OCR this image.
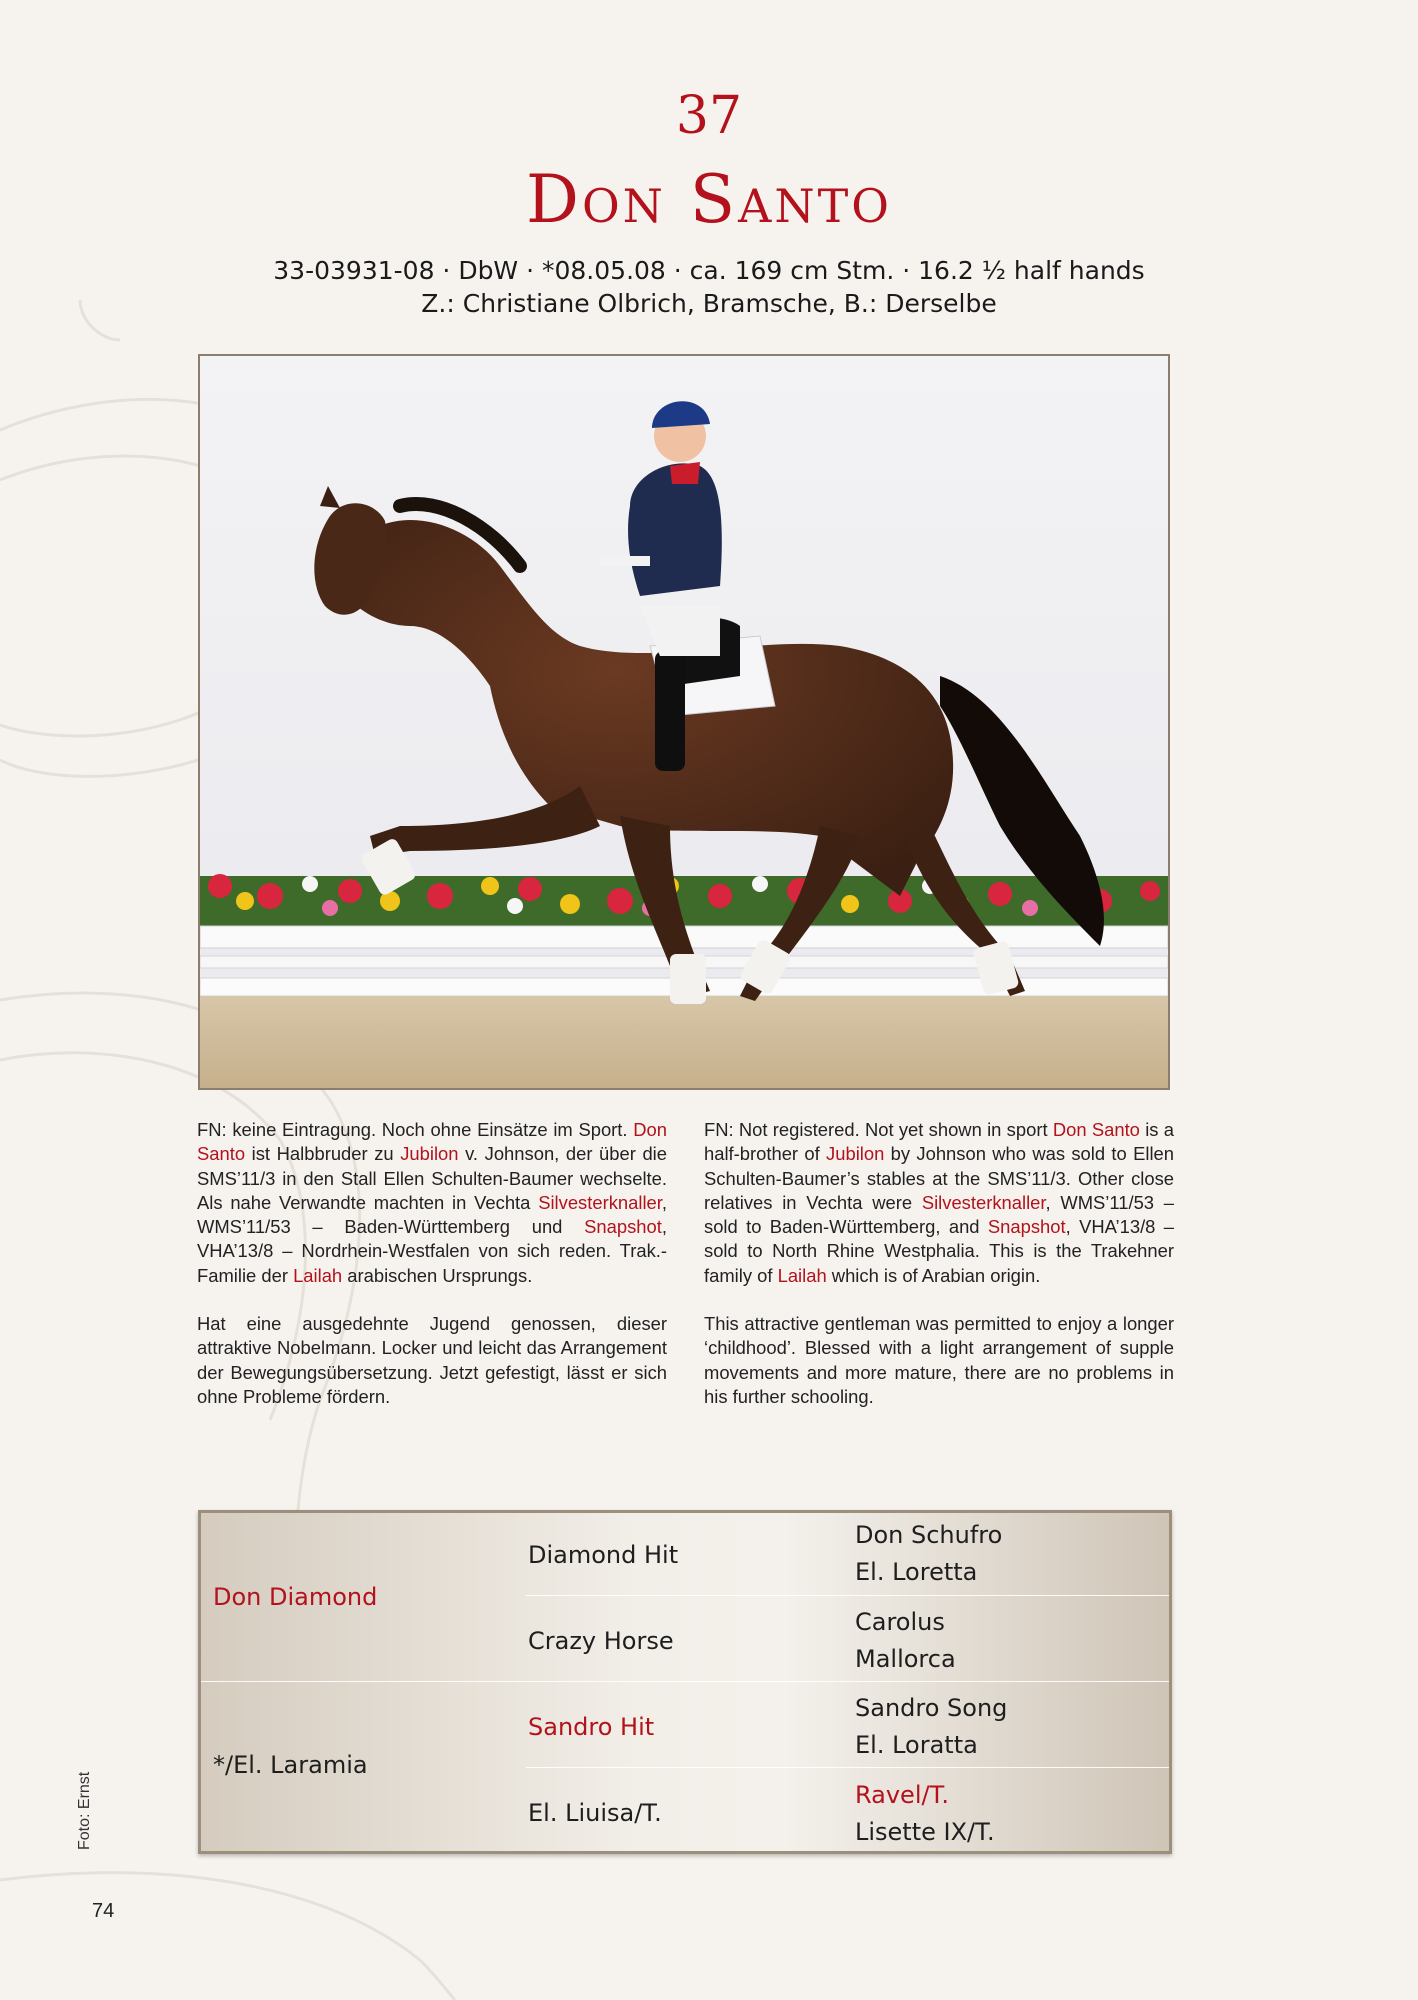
37
Don Santo
33-03931-08 · DbW · *08.05.08 · ca. 169 cm Stm. · 16.2 ½ half hands
Z.: Christiane Olbrich, Bramsche, B.: Derselbe

FN: keine Eintragung. Noch ohne Einsätze im Sport. Don Santo ist Halbbruder zu Jubilon v. Johnson, der über die SMS’11/3 in den Stall Ellen Schulten-Baumer wechselte. Als nahe Verwandte machten in Vechta Silvesterknaller, WMS’11/53 – Baden-Württemberg und Snapshot, VHA’13/8 – Nordrhein-Westfalen von sich reden. Trak.-Familie der Lailah arabischen Ursprungs.

Hat eine ausgedehnte Jugend genossen, dieser attraktive Nobelmann. Locker und leicht das Arrangement der Bewegungsübersetzung. Jetzt gefestigt, lässt er sich ohne Probleme fördern.

FN: Not registered. Not yet shown in sport Don Santo is a half-brother of Jubilon by Johnson who was sold to Ellen Schulten-Baumer’s stables at the SMS’11/3. Other close relatives in Vechta were Silvesterknaller, WMS’11/53 – sold to Baden-Württemberg, and Snapshot, VHA’13/8 – sold to North Rhine Westphalia. This is the Trakehner family of Lailah which is of Arabian origin.

This attractive gentleman was permitted to enjoy a longer ‘childhood’. Blessed with a light arrangement of supple movements and more mature, there are no problems in his further schooling.

Don Diamond
*/El. Laramia
Diamond Hit
Crazy Horse
Sandro Hit
El. Liuisa/T.
Don Schufro
El. Loretta
Carolus
Mallorca
Sandro Song
El. Loratta
Ravel/T.
Lisette IX/T.
Foto: Ernst
74
